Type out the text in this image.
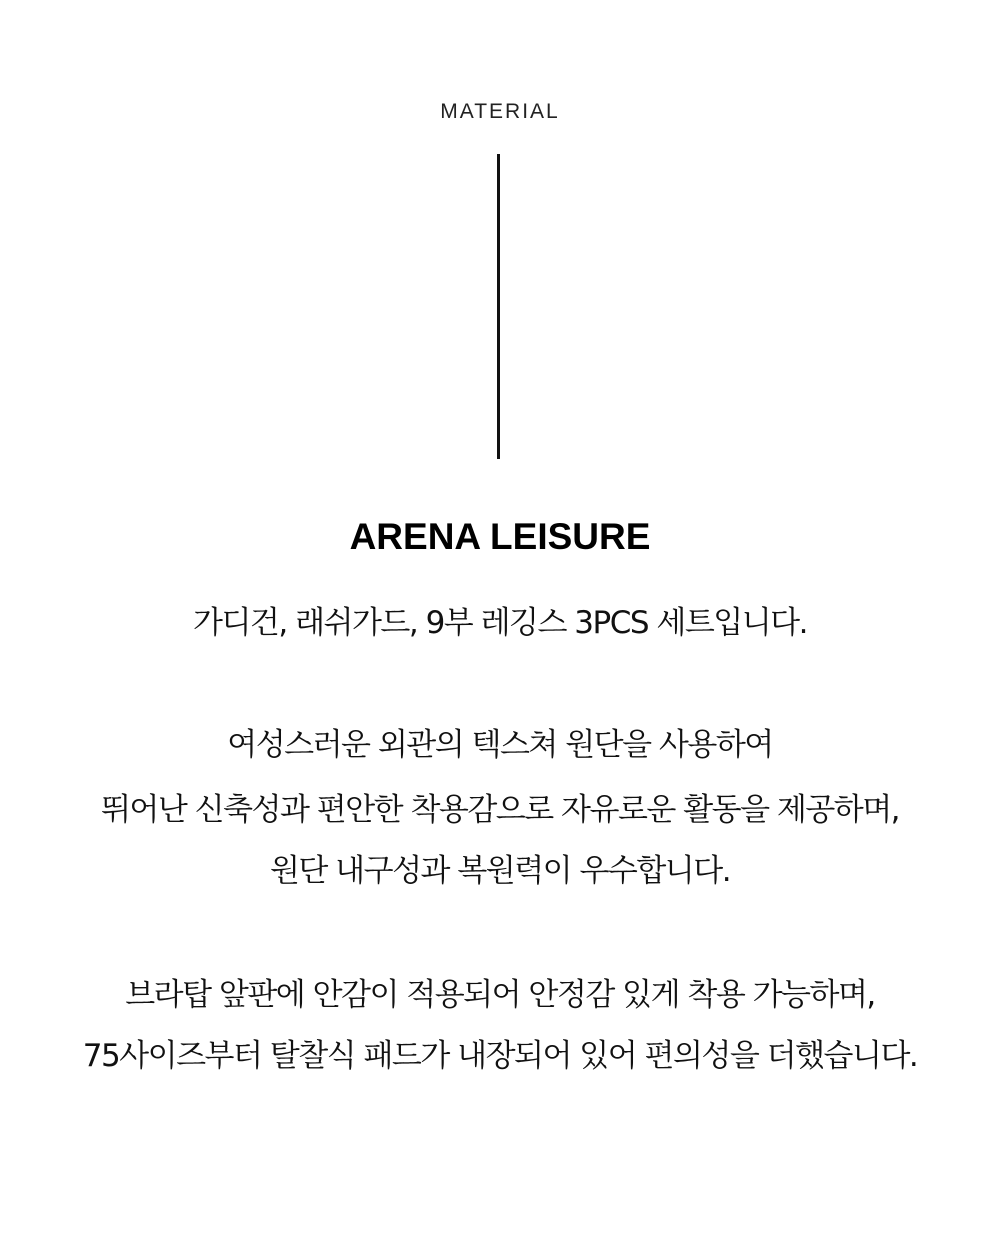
MATERIAL
ARENA LEISURE
가디건, 래쉬가드, 9부 레깅스 3PCS 세트입니다.
여성스러운 외관의 텍스쳐 원단을 사용하여
뛰어난 신축성과 편안한 착용감으로 자유로운 활동을 제공하며,
원단 내구성과 복원력이 우수합니다.
브라탑 앞판에 안감이 적용되어 안정감 있게 착용 가능하며,
75사이즈부터 탈찰식 패드가 내장되어 있어 편의성을 더했습니다.
